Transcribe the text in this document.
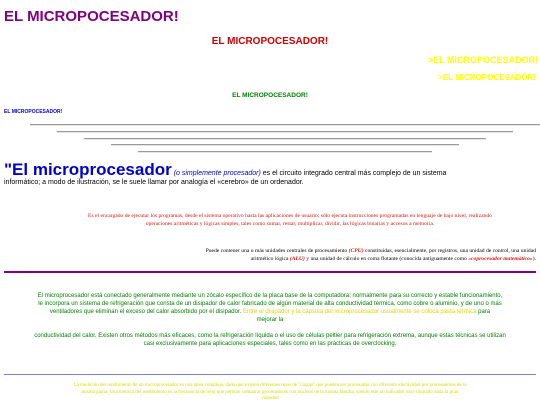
EL MICROPOCESADOR!
EL MICROPOCESADOR!
>EL MICROPOCESADOR!
>EL MICROPOCESADOR!
EL MICROPOCESADOR!
EL MICROPOCESADOR!
"El microprocesador (o simplemente procesador) es el circuito integrado central más complejo de un sistema
informático; a modo de ilustración, se le suele llamar por analogía el «cerebro» de un ordenador.
Es el encargado de ejecutar los programas, desde el sistema operativo hasta las aplicaciones de usuario; sólo ejecuta instrucciones programadas en lenguaje de bajo nivel, realizando
operaciones aritméticas y lógicas simples, tales como sumar, restar, multiplicar, dividir, las lógicas binarias y accesos a memoria.
Puede contener una o más unidades centrales de procesamiento (CPU) constituidas, esencialmente, por registros, una unidad de control, una unidad
aritmético lógica (ALU) y una unidad de cálculo en coma flotante (conocida antiguamente como «coprocesador matemático»).
El microprocesador está conectado generalmente mediante un zócalo específico de la placa base de la computadora; normalmente para su correcto y estable funcionamiento,
le incorpora un sistema de refrigeración que consta de un disipador de calor fabricado de algún material de alta conductividad térmica, como cobre o aluminio, y de uno o más
ventiladores que eliminan el exceso del calor absorbido por el disipador. Entre el disipador y la cápsula del microprocesador usualmente se coloca pasta térmica para
mejorar la
conductividad del calor. Existen otros métodos más eficaces, como la refrigeración líquida o el uso de células peltier para refrigeración extrema, aunque estas técnicas se utilizan
casi exclusivamente para aplicaciones especiales, tales como en las prácticas de overclocking.
La medición del rendimiento de un microprocesador es una tarea compleja, dado que existen diferentes tipos de "cargas" que pueden ser procesadas con diferente efectividad por procesadores de la
misma gama. Una métrica del rendimiento es la frecuencia de reloj que permite comparar procesadores con núcleos de la misma familia, siendo este un indicador muy limitado dada la gran
variedad
